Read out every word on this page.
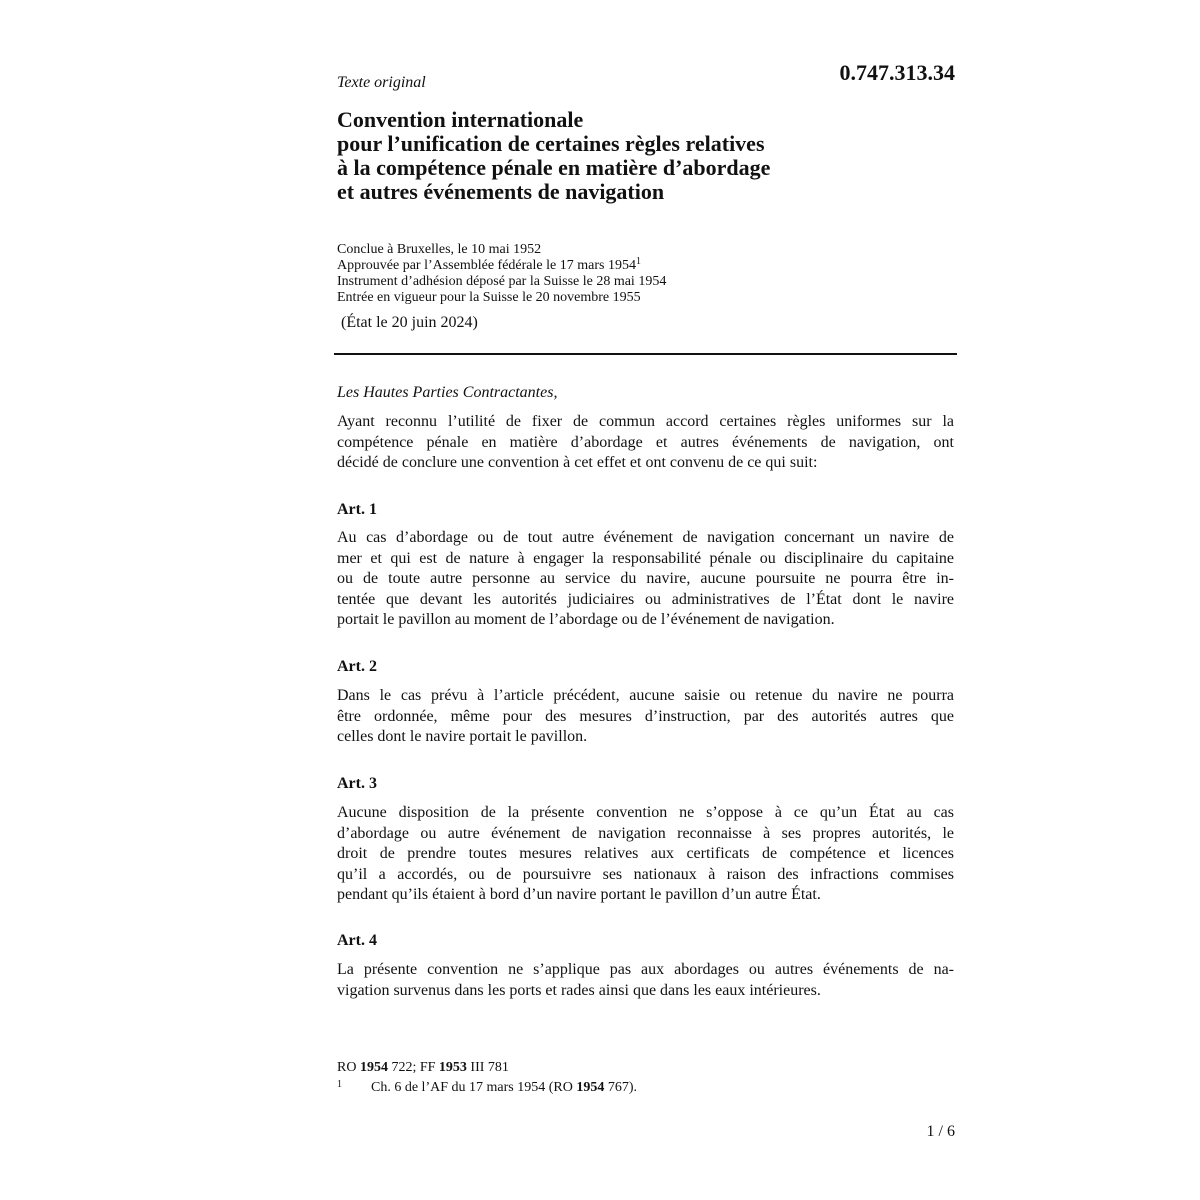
0.747.313.34
Texte original
Convention internationale
pour l’unification de certaines règles relatives
à la compétence pénale en matière d’abordage
et autres événements de navigation
Conclue à Bruxelles, le 10 mai 1952
Approuvée par l’Assemblée fédérale le 17 mars 1954$^1$
Instrument d’adhésion déposé par la Suisse le 28 mai 1954
Entrée en vigueur pour la Suisse le 20 novembre 1955
(État le 20 juin 2024)
Les Hautes Parties Contractantes,
Ayant reconnu l’utilité de fixer de commun accord certaines règles uniformes sur la
compétence pénale en matière d’abordage et autres événements de navigation, ont
décidé de conclure une convention à cet effet et ont convenu de ce qui suit:
Art. 1
Au cas d’abordage ou de tout autre événement de navigation concernant un navire de
mer et qui est de nature à engager la responsabilité pénale ou disciplinaire du capitaine
ou de toute autre personne au service du navire, aucune poursuite ne pourra être in-
tentée que devant les autorités judiciaires ou administratives de l’État dont le navire
portait le pavillon au moment de l’abordage ou de l’événement de navigation.
Art. 2
Dans le cas prévu à l’article précédent, aucune saisie ou retenue du navire ne pourra
être ordonnée, même pour des mesures d’instruction, par des autorités autres que
celles dont le navire portait le pavillon.
Art. 3
Aucune disposition de la présente convention ne s’oppose à ce qu’un État au cas
d’abordage ou autre événement de navigation reconnaisse à ses propres autorités, le
droit de prendre toutes mesures relatives aux certificats de compétence et licences
qu’il a accordés, ou de poursuivre ses nationaux à raison des infractions commises
pendant qu’ils étaient à bord d’un navire portant le pavillon d’un autre État.
Art. 4
La présente convention ne s’applique pas aux abordages ou autres événements de na-
vigation survenus dans les ports et rades ainsi que dans les eaux intérieures.
RO 1954 722; FF 1953 III 781
1 Ch. 6 de l’AF du 17 mars 1954 (RO 1954 767).
1 / 6
